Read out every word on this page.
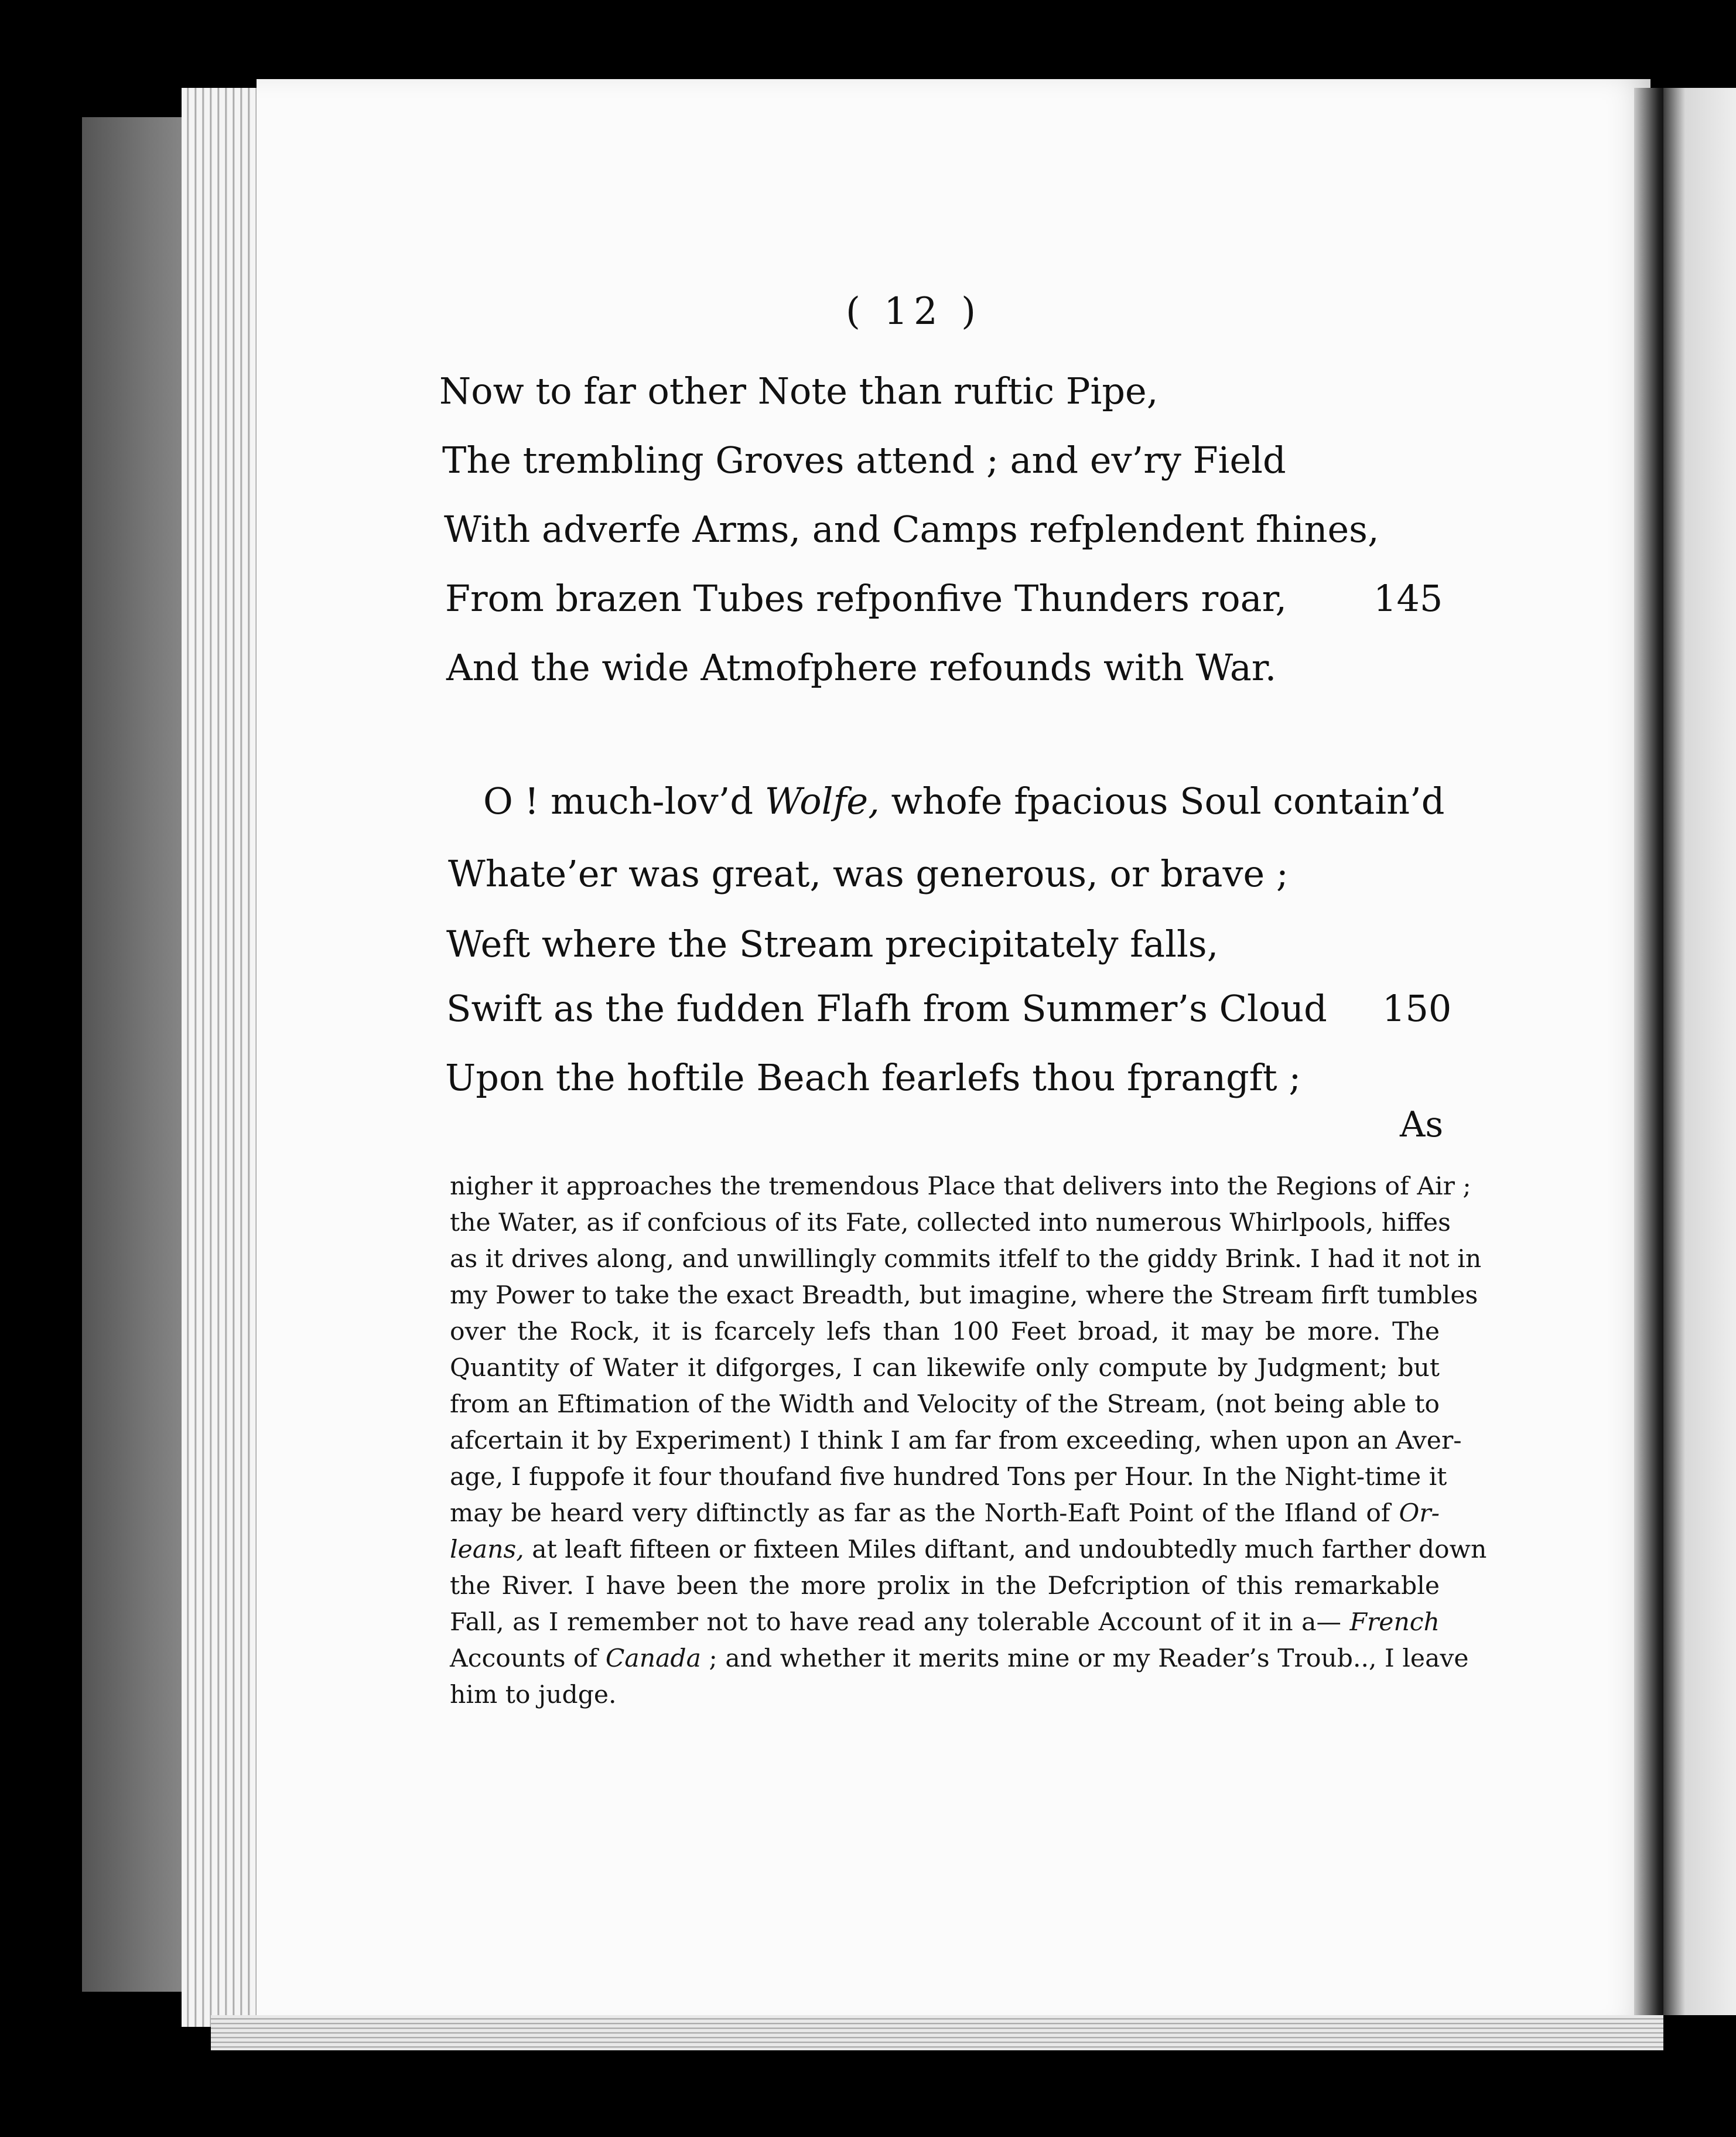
( 12 )
Now to far other Note than ruftic Pipe,
The trembling Groves attend ; and ev’ry Field
With adverfe Arms, and Camps refplendent fhines,
From brazen Tubes refponfive Thunders roar, 145
And the wide Atmofphere refounds with War.
O ! much-lov’d Wolfe, whofe fpacious Soul contain’d
Whate’er was great, was generous, or brave ;
Weft where the Stream precipitately falls,
Swift as the fudden Flafh from Summer’s Cloud 150
Upon the hoftile Beach fearlefs thou fprangft ;
As
nigher it approaches the tremendous Place that delivers into the Regions of Air ;
the Water, as if confcious of its Fate, collected into numerous Whirlpools, hiffes
as it drives along, and unwillingly commits itfelf to the giddy Brink. I had it not in
my Power to take the exact Breadth, but imagine, where the Stream firft tumbles
over the Rock, it is fcarcely lefs than 100 Feet broad, it may be more. The
Quantity of Water it difgorges, I can likewife only compute by Judgment; but
from an Eftimation of the Width and Velocity of the Stream, (not being able to
afcertain it by Experiment) I think I am far from exceeding, when upon an Aver-
age, I fuppofe it four thoufand five hundred Tons per Hour. In the Night-time it
may be heard very diftinctly as far as the North-Eaft Point of the Ifland of Or-
leans, at leaft fifteen or fixteen Miles diftant, and undoubtedly much farther down
the River. I have been the more prolix in the Defcription of this remarkable
Fall, as I remember not to have read any tolerable Account of it in a— French
Accounts of Canada ; and whether it merits mine or my Reader’s Troub.., I leave
him to judge.
